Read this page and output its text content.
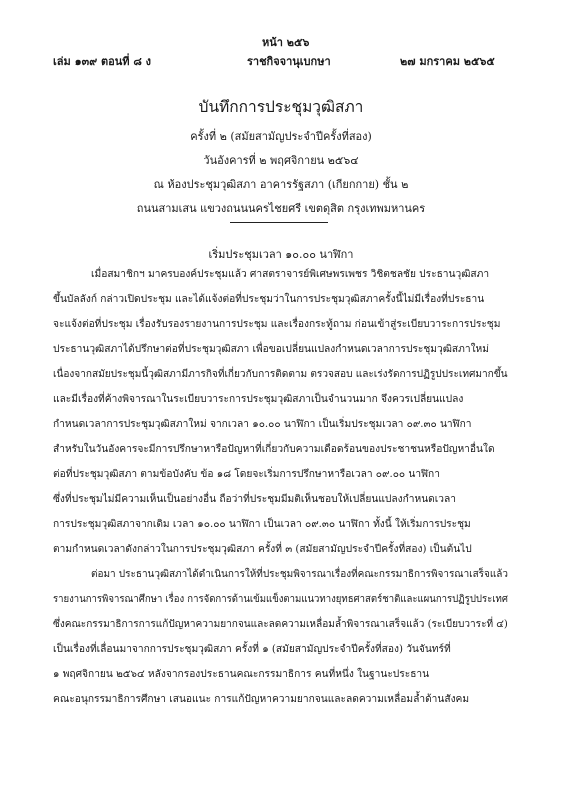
หน้า ๒๕๖
เล่ม ๑๓๙ ตอนที่ ๘ ง	ราชกิจจานุเบกษา	๒๗ มกราคม ๒๕๖๕
บันทึกการประชุมวุฒิสภา
ครั้งที่ ๒ (สมัยสามัญประจำปีครั้งที่สอง)
วันอังคารที่ ๒ พฤศจิกายน ๒๕๖๔
ณ ห้องประชุมวุฒิสภา อาคารรัฐสภา (เกียกกาย) ชั้น ๒
ถนนสามเสน แขวงถนนนครไชยศรี เขตดุสิต กรุงเทพมหานคร
เริ่มประชุมเวลา ๑๐.๐๐ นาฬิกา
เมื่อสมาชิกฯ มาครบองค์ประชุมแล้ว ศาสตราจารย์พิเศษพรเพชร วิชิตชลชัย ประธานวุฒิสภา
ขึ้นบัลลังก์ กล่าวเปิดประชุม และได้แจ้งต่อที่ประชุมว่าในการประชุมวุฒิสภาครั้งนี้ไม่มีเรื่องที่ประธาน
จะแจ้งต่อที่ประชุม เรื่องรับรองรายงานการประชุม และเรื่องกระทู้ถาม ก่อนเข้าสู่ระเบียบวาระการประชุม
ประธานวุฒิสภาได้ปรึกษาต่อที่ประชุมวุฒิสภา เพื่อขอเปลี่ยนแปลงกำหนดเวลาการประชุมวุฒิสภาใหม่
เนื่องจากสมัยประชุมนี้วุฒิสภามีภารกิจที่เกี่ยวกับการติดตาม ตรวจสอบ และเร่งรัดการปฏิรูปประเทศมากขึ้น
และมีเรื่องที่ค้างพิจารณาในระเบียบวาระการประชุมวุฒิสภาเป็นจำนวนมาก จึงควรเปลี่ยนแปลง
กำหนดเวลาการประชุมวุฒิสภาใหม่ จากเวลา ๑๐.๐๐ นาฬิกา เป็นเริ่มประชุมเวลา ๐๙.๓๐ นาฬิกา
สำหรับในวันอังคารจะมีการปรึกษาหารือปัญหาที่เกี่ยวกับความเดือดร้อนของประชาชนหรือปัญหาอื่นใด
ต่อที่ประชุมวุฒิสภา ตามข้อบังคับ ข้อ ๑๘ โดยจะเริ่มการปรึกษาหารือเวลา ๐๙.๐๐ นาฬิกา
ซึ่งที่ประชุมไม่มีความเห็นเป็นอย่างอื่น ถือว่าที่ประชุมมีมติเห็นชอบให้เปลี่ยนแปลงกำหนดเวลา
การประชุมวุฒิสภาจากเดิม เวลา ๑๐.๐๐ นาฬิกา เป็นเวลา ๐๙.๓๐ นาฬิกา ทั้งนี้ ให้เริ่มการประชุม
ตามกำหนดเวลาดังกล่าวในการประชุมวุฒิสภา ครั้งที่ ๓ (สมัยสามัญประจำปีครั้งที่สอง) เป็นต้นไป
ต่อมา ประธานวุฒิสภาได้ดำเนินการให้ที่ประชุมพิจารณาเรื่องที่คณะกรรมาธิการพิจารณาเสร็จแล้ว
รายงานการพิจารณาศึกษา เรื่อง การจัดการด้านเข้มแข็งตามแนวทางยุทธศาสตร์ชาติและแผนการปฏิรูปประเทศ
ซึ่งคณะกรรมาธิการการแก้ปัญหาความยากจนและลดความเหลื่อมล้ำพิจารณาเสร็จแล้ว (ระเบียบวาระที่ ๔)
เป็นเรื่องที่เลื่อนมาจากการประชุมวุฒิสภา ครั้งที่ ๑ (สมัยสามัญประจำปีครั้งที่สอง) วันจันทร์ที่
๑ พฤศจิกายน ๒๕๖๔ หลังจากรองประธานคณะกรรมาธิการ คนที่หนึ่ง ในฐานะประธาน
คณะอนุกรรมาธิการศึกษา เสนอแนะ การแก้ปัญหาความยากจนและลดความเหลื่อมล้ำด้านสังคม
